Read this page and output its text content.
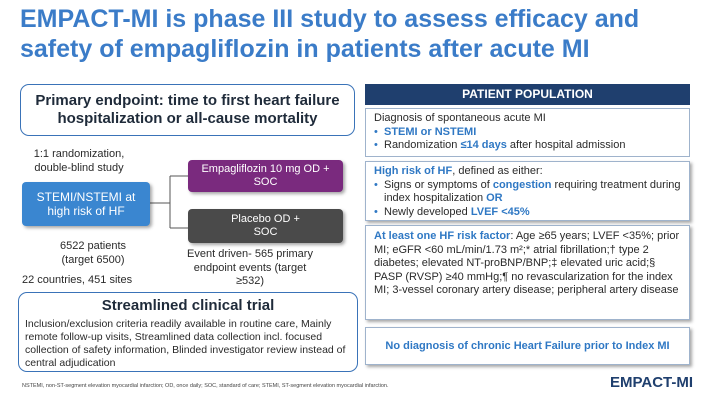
EMPACT-MI is phase III study to assess efficacy and safety of empagliflozin in patients after acute MI
Primary endpoint: time to first heart failure hospitalization or all-cause mortality
1:1 randomization, double-blind study
STEMI/NSTEMI at high risk of HF
Empagliflozin 10 mg OD + SOC
Placebo OD + SOC
6522 patients (target 6500)
22 countries, 451 sites
Event driven- 565 primary endpoint events (target ≥532)
Streamlined clinical trial
Inclusion/exclusion criteria readily available in routine care, Mainly remote follow-up visits, Streamlined data collection incl. focused collection of safety information, Blinded investigator review instead of central adjudication
PATIENT POPULATION
Diagnosis of spontaneous acute MI
• STEMI or NSTEMI
• Randomization ≤14 days after hospital admission
High risk of HF, defined as either:
• Signs or symptoms of congestion requiring treatment during index hospitalization OR
• Newly developed LVEF <45%
At least one HF risk factor: Age ≥65 years; LVEF <35%; prior MI; eGFR <60 mL/min/1.73 m²;* atrial fibrillation;† type 2 diabetes; elevated NT-proBNP/BNP;‡ elevated uric acid;§ PASP (RVSP) ≥40 mmHg;¶ no revascularization for the index MI; 3-vessel coronary artery disease; peripheral artery disease
No diagnosis of chronic Heart Failure prior to Index MI
NSTEMI, non-ST-segment elevation myocardial infarction; OD, once daily; SOC, standard of care; STEMI, ST-segment elevation myocardial infarction.	EMPACT-MI
